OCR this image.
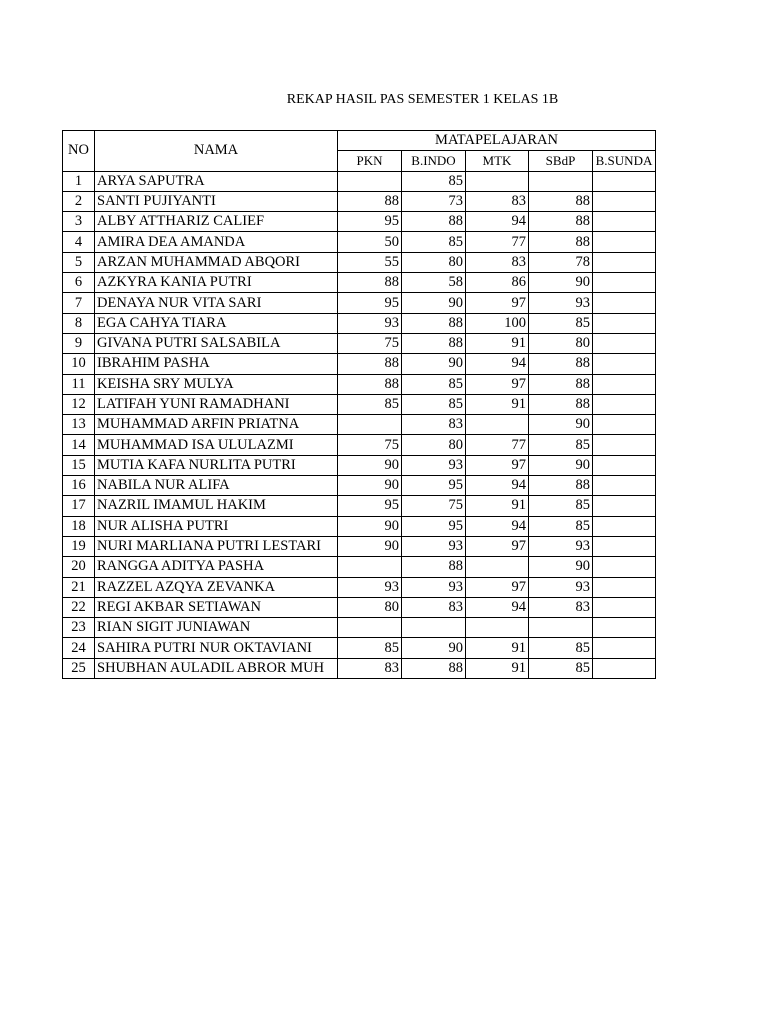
REKAP HASIL PAS SEMESTER 1 KELAS 1B
NO	NAMA	MATAPELAJARAN				
		PKN	B.INDO	MTK	SBdP	B.SUNDA
1	ARYA SAPUTRA		85			
2	SANTI PUJIYANTI	88	73	83	88	
3	ALBY ATTHARIZ CALIEF	95	88	94	88	
4	AMIRA DEA AMANDA	50	85	77	88	
5	ARZAN MUHAMMAD ABQORI	55	80	83	78	
6	AZKYRA KANIA PUTRI	88	58	86	90	
7	DENAYA NUR VITA SARI	95	90	97	93	
8	EGA CAHYA TIARA	93	88	100	85	
9	GIVANA PUTRI SALSABILA	75	88	91	80	
10	IBRAHIM PASHA	88	90	94	88	
11	KEISHA SRY MULYA	88	85	97	88	
12	LATIFAH YUNI RAMADHANI	85	85	91	88	
13	MUHAMMAD ARFIN PRIATNA		83		90	
14	MUHAMMAD ISA ULULAZMI	75	80	77	85	
15	MUTIA KAFA NURLITA PUTRI	90	93	97	90	
16	NABILA NUR ALIFA	90	95	94	88	
17	NAZRIL IMAMUL HAKIM	95	75	91	85	
18	NUR ALISHA PUTRI	90	95	94	85	
19	NURI MARLIANA PUTRI LESTARI	90	93	97	93	
20	RANGGA ADITYA PASHA		88		90	
21	RAZZEL AZQYA ZEVANKA	93	93	97	93	
22	REGI AKBAR SETIAWAN	80	83	94	83	
23	RIAN SIGIT JUNIAWAN					
24	SAHIRA PUTRI NUR OKTAVIANI	85	90	91	85	
25	SHUBHAN AULADIL ABROR MUH	83	88	91	85	
